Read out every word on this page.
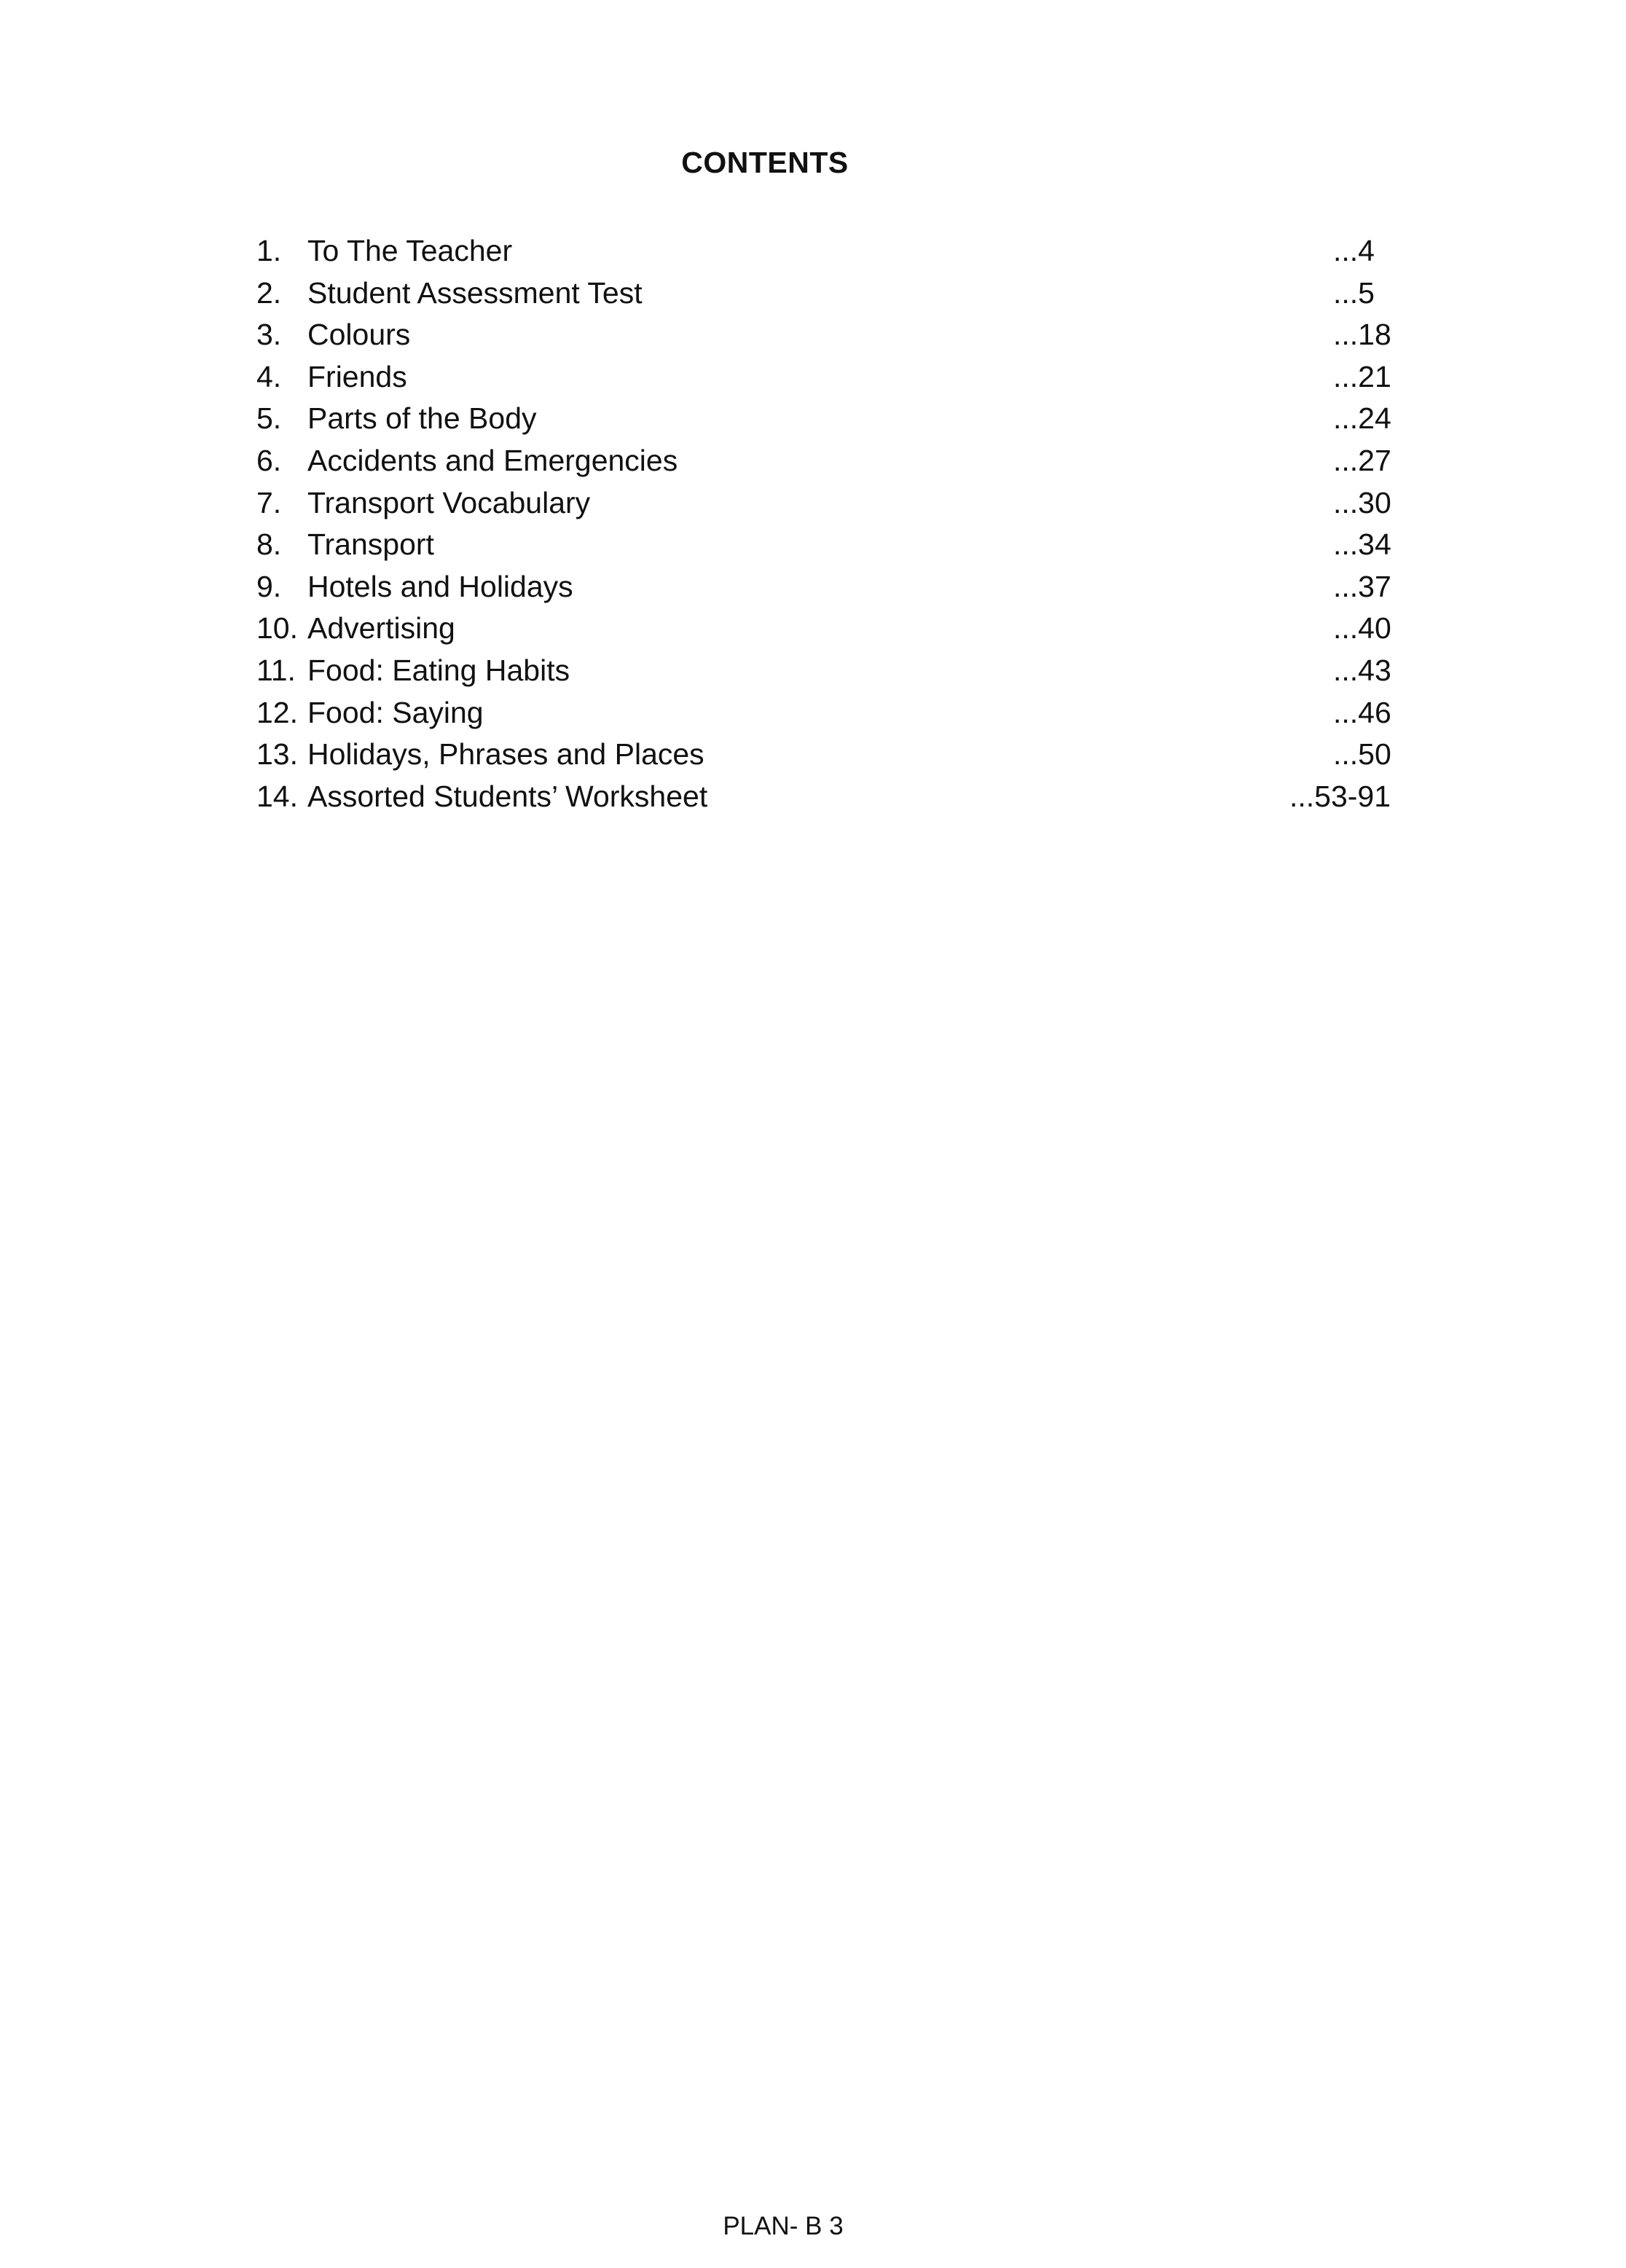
CONTENTS
1. To The Teacher	...4
2. Student Assessment Test	...5
3. Colours	...18
4. Friends	...21
5. Parts of the Body	...24
6. Accidents and Emergencies	...27
7. Transport Vocabulary	...30
8. Transport	...34
9. Hotels and Holidays	...37
10. Advertising	...40
11. Food: Eating Habits	...43
12. Food: Saying	...46
13. Holidays, Phrases and Places	...50
14. Assorted Students’ Worksheet	...53-91
PLAN- B 3
